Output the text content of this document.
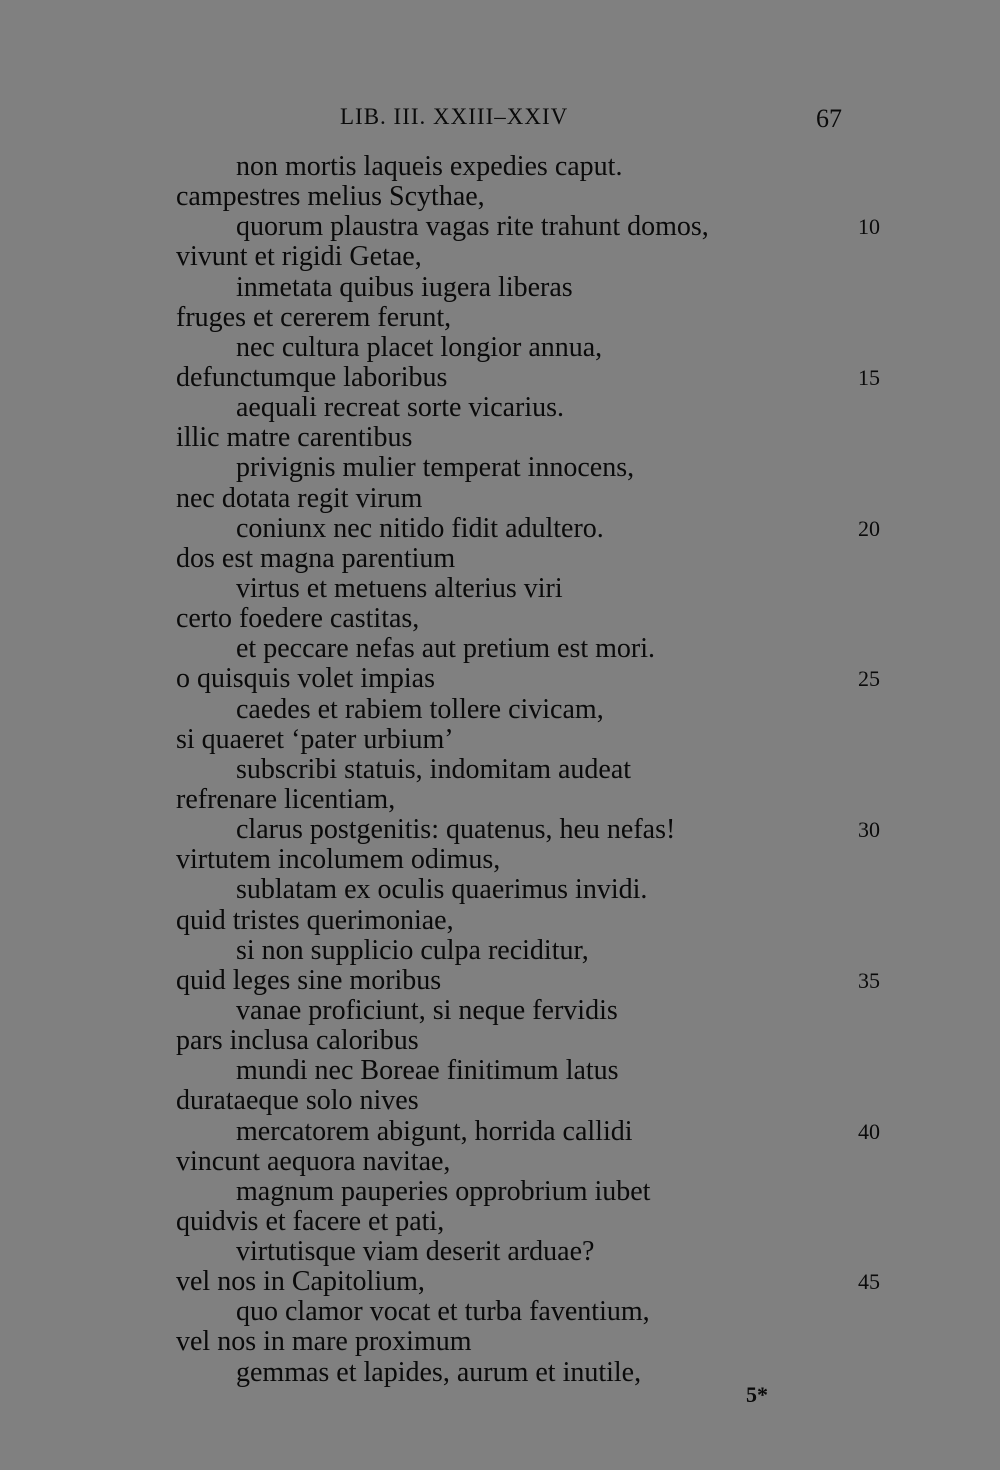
LIB. III. XXIII–XXIV	67
non mortis laqueis expedies caput.
campestres melius Scythae,
quorum plaustra vagas rite trahunt domos,	10
vivunt et rigidi Getae,
inmetata quibus iugera liberas
fruges et cererem ferunt,
nec cultura placet longior annua,
defunctumque laboribus	15
aequali recreat sorte vicarius.
illic matre carentibus
privignis mulier temperat innocens,
nec dotata regit virum
coniunx nec nitido fidit adultero.	20
dos est magna parentium
virtus et metuens alterius viri
certo foedere castitas,
et peccare nefas aut pretium est mori.
o quisquis volet impias	25
caedes et rabiem tollere civicam,
si quaeret ‘pater urbium’
subscribi statuis, indomitam audeat
refrenare licentiam,
clarus postgenitis: quatenus, heu nefas!	30
virtutem incolumem odimus,
sublatam ex oculis quaerimus invidi.
quid tristes querimoniae,
si non supplicio culpa reciditur,
quid leges sine moribus	35
vanae proficiunt, si neque fervidis
pars inclusa caloribus
mundi nec Boreae finitimum latus
durataeque solo nives
mercatorem abigunt, horrida callidi	40
vincunt aequora navitae,
magnum pauperies opprobrium iubet
quidvis et facere et pati,
virtutisque viam deserit arduae?
vel nos in Capitolium,	45
quo clamor vocat et turba faventium,
vel nos in mare proximum
gemmas et lapides, aurum et inutile,
5*
